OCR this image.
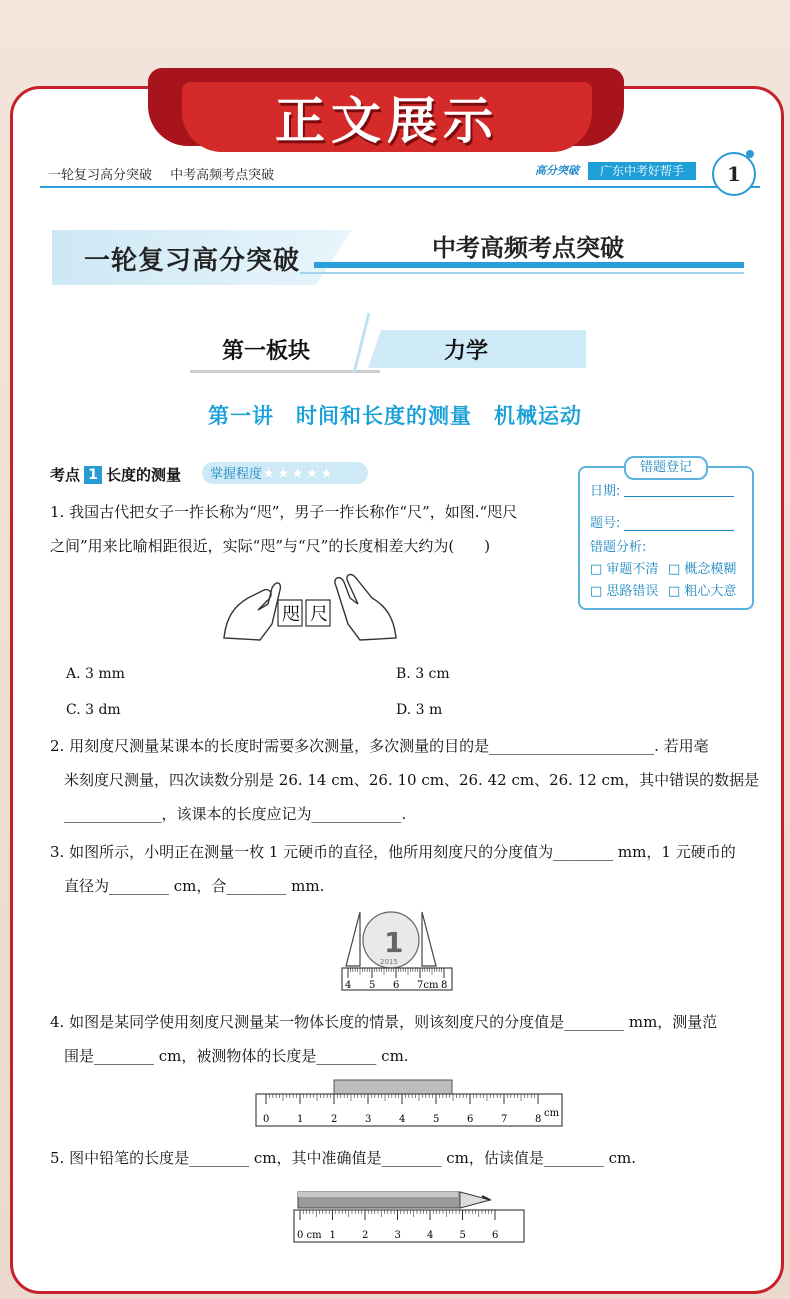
正文展示
一轮复习高分突破 中考高频考点突破	高分突破	广东中考好帮手	1
一轮复习高分突破	中考高频考点突破
第一板块	力学
第一讲　时间和长度的测量　机械运动
考点 1 长度的测量	掌握程度★★★★★	错题登记
日期:
题号:
错题分析:
□ 审题不清 □ 概念模糊
□ 思路错误 □ 粗心大意
1. 我国古代把女子一拃长称为“咫”，男子一拃长称作“尺”，如图.“咫尺
之间”用来比喻相距很近，实际“咫”与“尺”的长度相差大约为(　　)
咫 尺
A. 3 mm	B. 3 cm
C. 3 dm	D. 3 m
2. 用刻度尺测量某课本的长度时需要多次测量，多次测量的目的是______________________. 若用毫
米刻度尺测量，四次读数分别是 26. 14 cm、26. 10 cm、26. 42 cm、26. 12 cm，其中错误的数据是
_____________，该课本的长度应记为____________.
3. 如图所示，小明正在测量一枚 1 元硬币的直径，他所用刻度尺的分度值为________ mm，1 元硬币的
直径为________ cm，合________ mm.
1
2015
4 5 6 7cm 8
4. 如图是某同学使用刻度尺测量某一物体长度的情景，则该刻度尺的分度值是________ mm，测量范
围是________ cm，被测物体的长度是________ cm.
0	1	2	3	4	5	6	7	8
cm
5. 图中铅笔的长度是________ cm，其中准确值是________ cm，估读值是________ cm.
0 cm 1	2	3	4	5	6
